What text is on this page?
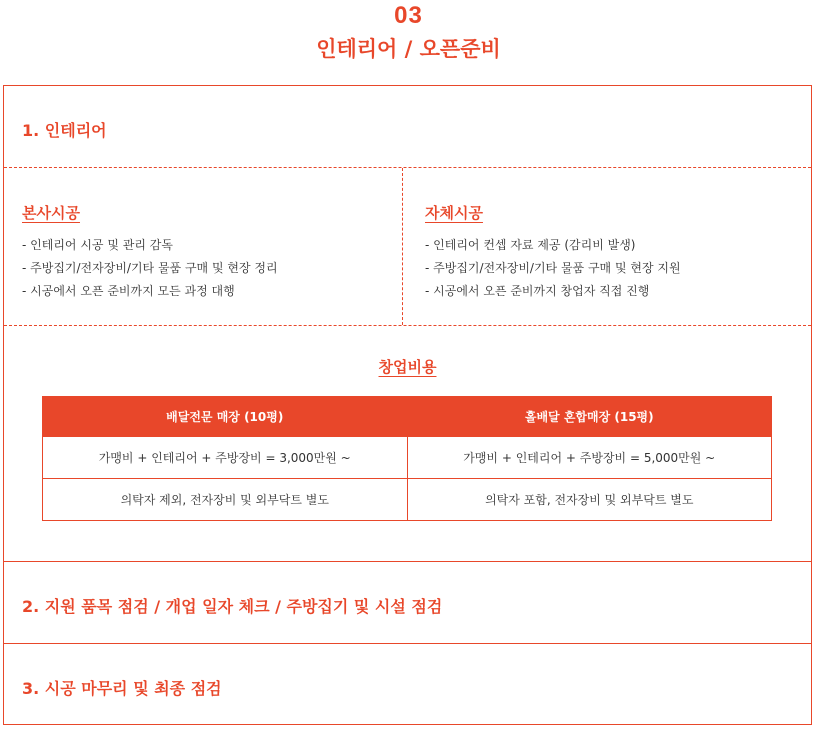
03
인테리어 / 오픈준비
1. 인테리어
본사시공
- 인테리어 시공 및 관리 감독
- 주방집기/전자장비/기타 물품 구매 및 현장 정리
- 시공에서 오픈 준비까지 모든 과정 대행
자체시공
- 인테리어 컨셉 자료 제공 (감리비 발생)
- 주방집기/전자장비/기타 물품 구매 및 현장 지원
- 시공에서 오픈 준비까지 창업자 직접 진행
창업비용
배달전문 매장 (10평)	홀배달 혼합매장 (15평)
가맹비 + 인테리어 + 주방장비 = 3,000만원 ~	가맹비 + 인테리어 + 주방장비 = 5,000만원 ~
의탁자 제외, 전자장비 및 외부닥트 별도	의탁자 포함, 전자장비 및 외부닥트 별도
2. 지원 품목 점검 / 개업 일자 체크 / 주방집기 및 시설 점검
3. 시공 마무리 및 최종 점검
